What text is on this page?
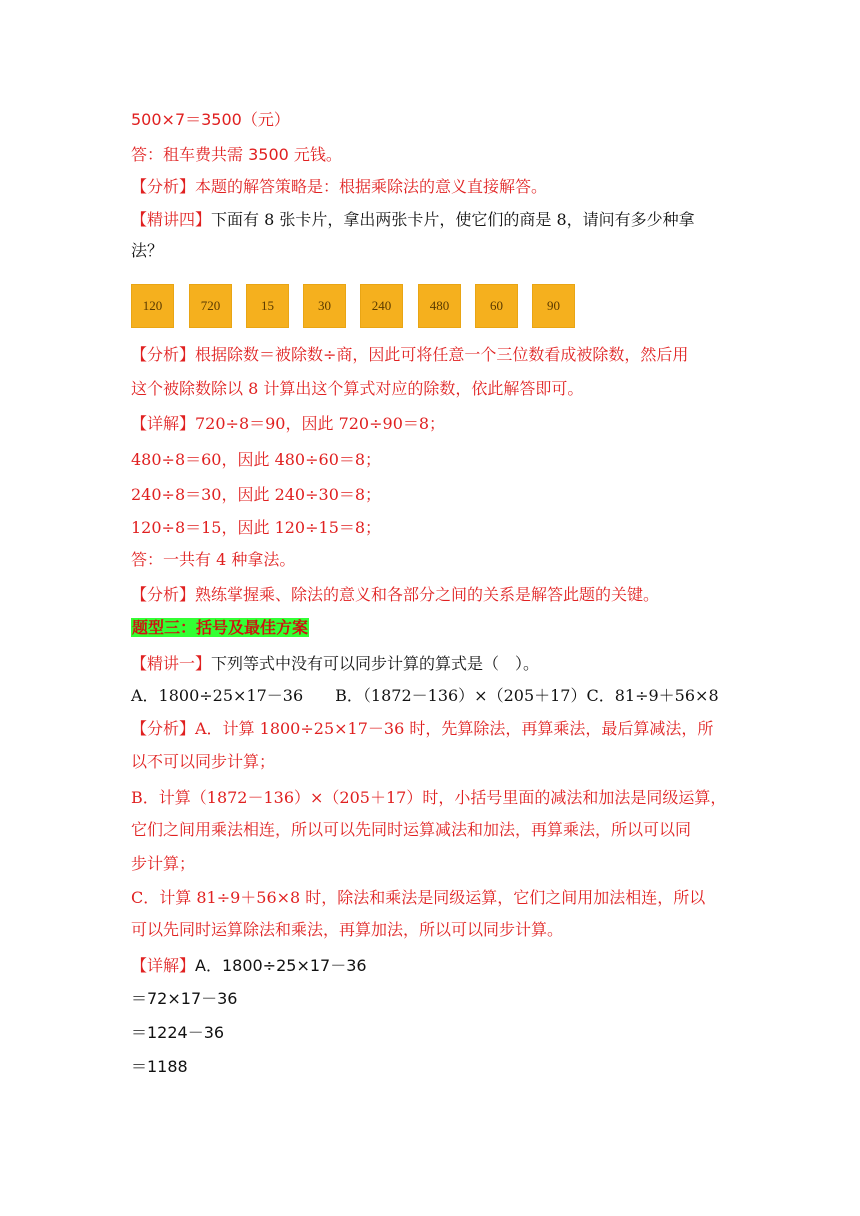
500×7＝3500（元）
答：租车费共需 3500 元钱。
【分析】本题的解答策略是：根据乘除法的意义直接解答。
【精讲四】下面有 8 张卡片，拿出两张卡片，使它们的商是 8，请问有多少种拿
法？
【分析】根据除数＝被除数÷商，因此可将任意一个三位数看成被除数，然后用
这个被除数除以 8 计算出这个算式对应的除数，依此解答即可。
【详解】720÷8＝90，因此 720÷90＝8；
480÷8＝60，因此 480÷60＝8；
240÷8＝30，因此 240÷30＝8；
120÷8＝15，因此 120÷15＝8；
答：一共有 4 种拿法。
【分析】熟练掌握乘、除法的意义和各部分之间的关系是解答此题的关键。
题型三：括号及最佳方案
【精讲一】下列等式中没有可以同步计算的算式是（　）。
A．1800÷25×17－36　　B．（1872－136）×（205＋17）C．81÷9＋56×8
【分析】A．计算 1800÷25×17－36 时，先算除法，再算乘法，最后算减法，所
以不可以同步计算；
B．计算（1872－136）×（205＋17）时，小括号里面的减法和加法是同级运算，
它们之间用乘法相连，所以可以先同时运算减法和加法，再算乘法，所以可以同
步计算；
C．计算 81÷9＋56×8 时，除法和乘法是同级运算，它们之间用加法相连，所以
可以先同时运算除法和乘法，再算加法，所以可以同步计算。
【详解】A．1800÷25×17－36
＝72×17－36
＝1224－36
＝1188
120	720	15	30	240	480	60	90
